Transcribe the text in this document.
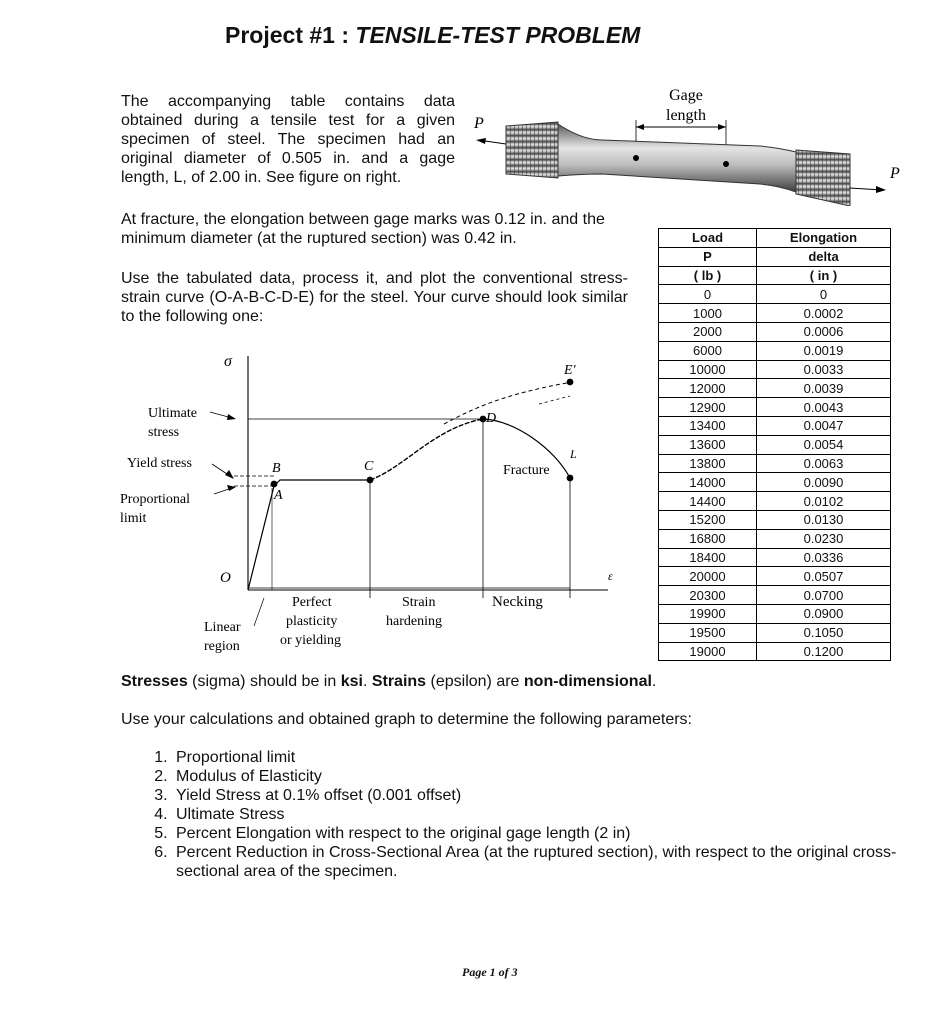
Project #1 : TENSILE-TEST PROBLEM
The accompanying table contains data obtained during a tensile test for a given specimen of steel. The specimen had an original diameter of 0.505 in. and a gage length, L, of 2.00 in. See figure on right.
Gage
length
P
P
At fracture, the elongation between gage marks was 0.12 in. and the minimum diameter (at the ruptured section) was 0.42 in.
Use the tabulated data, process it, and plot the conventional stress-strain curve (O-A-B-C-D-E) for the steel. Your curve should look similar to the following one:
Load	Elongation
P	delta
( lb )	( in )
0	0
1000	0.0002
2000	0.0006
6000	0.0019
10000	0.0033
12000	0.0039
12900	0.0043
13400	0.0047
13600	0.0054
13800	0.0063
14000	0.0090
14400	0.0102
15200	0.0130
16800	0.0230
18400	0.0336
20000	0.0507
20300	0.0700
19900	0.0900
19500	0.1050
19000	0.1200
σ
ε
O
A
B	C
D
E'
L
Fracture
Ultimate
stress
Yield stress
Proportional
limit
Linear
region
Perfect
plasticity
or yielding
Strain
hardening
Necking
Stresses (sigma) should be in ksi. Strains (epsilon) are non-dimensional.
Use your calculations and obtained graph to determine the following parameters:
1. Proportional limit
2. Modulus of Elasticity
3. Yield Stress at 0.1% offset (0.001 offset)
4. Ultimate Stress
5. Percent Elongation with respect to the original gage length (2 in)
6. Percent Reduction in Cross-Sectional Area (at the ruptured section), with respect to the original cross-sectional area of the specimen.
Page 1 of 3
